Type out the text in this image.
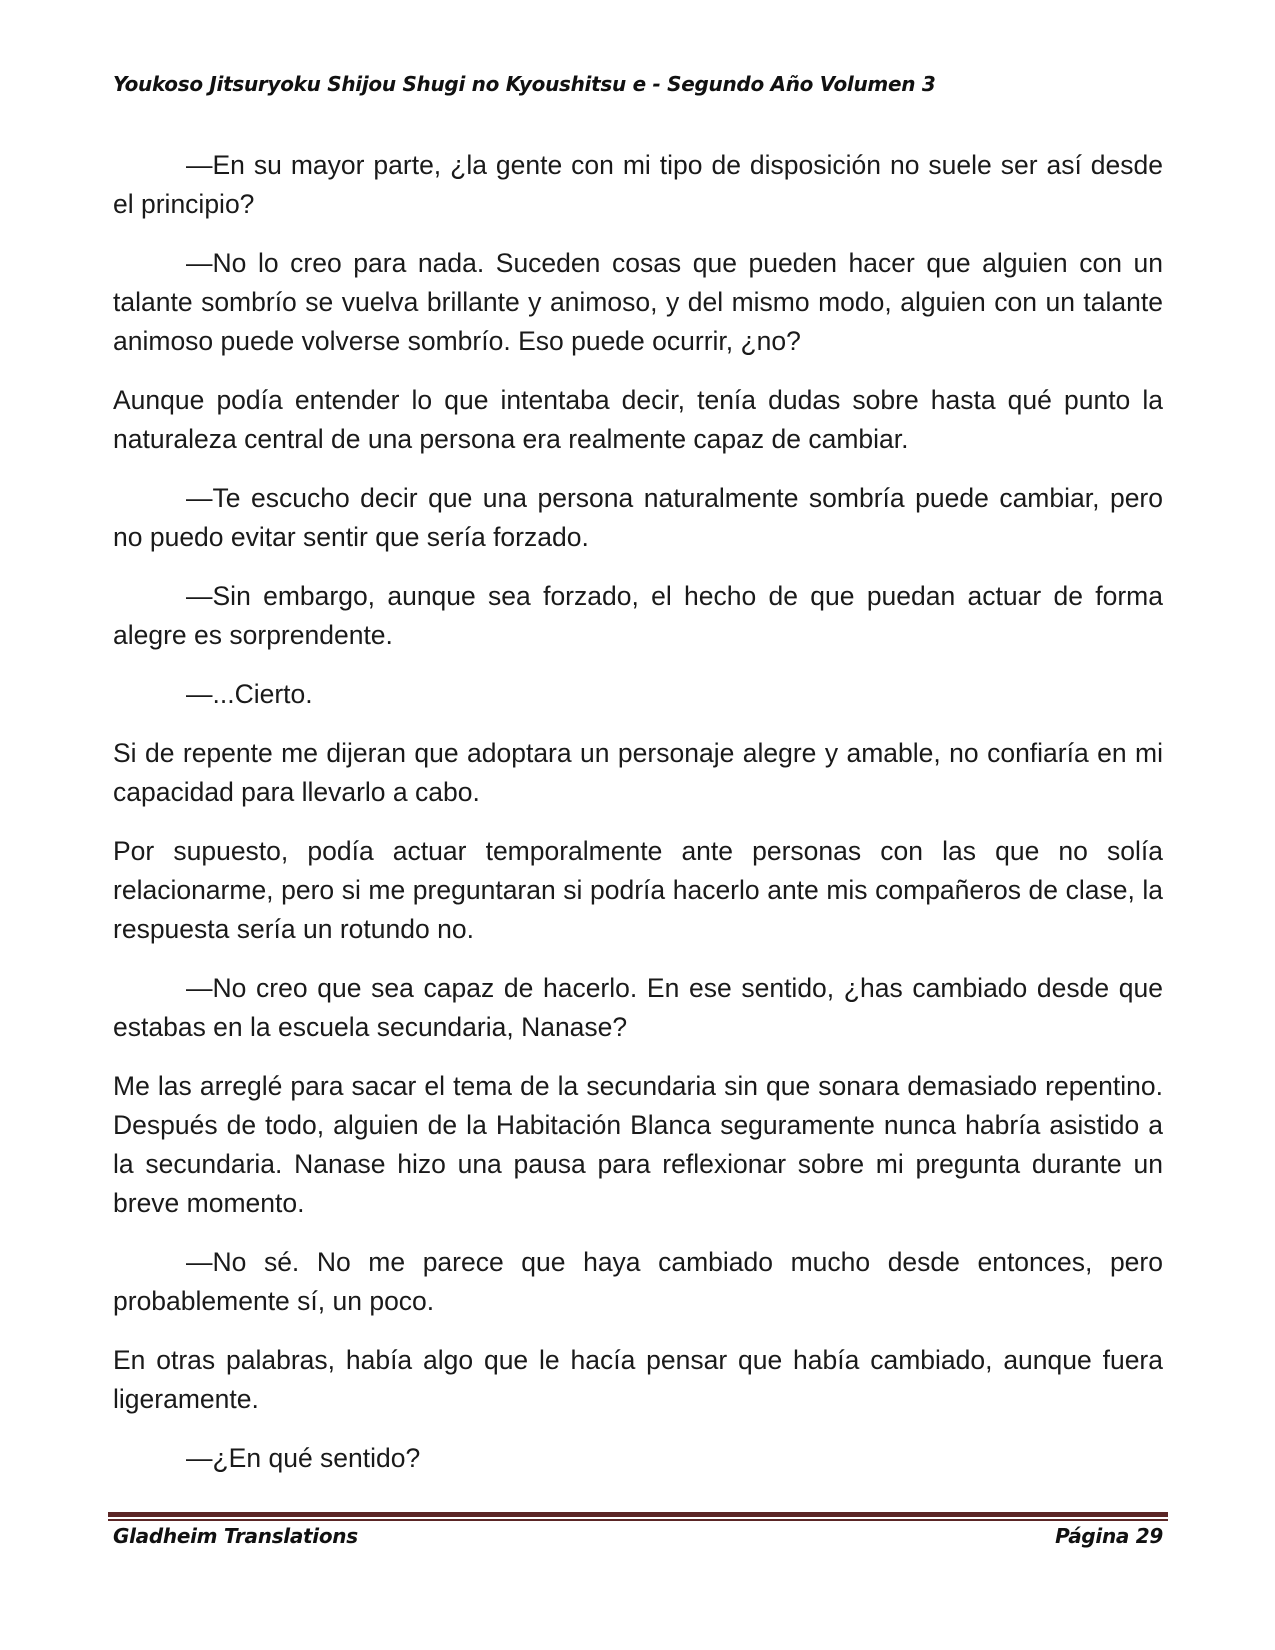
Youkoso Jitsuryoku Shijou Shugi no Kyoushitsu e - Segundo Año Volumen 3

—En su mayor parte, ¿la gente con mi tipo de disposición no suele ser así desde el principio?

—No lo creo para nada. Suceden cosas que pueden hacer que alguien con un talante sombrío se vuelva brillante y animoso, y del mismo modo, alguien con un talante animoso puede volverse sombrío. Eso puede ocurrir, ¿no?

Aunque podía entender lo que intentaba decir, tenía dudas sobre hasta qué punto la naturaleza central de una persona era realmente capaz de cambiar.

—Te escucho decir que una persona naturalmente sombría puede cambiar, pero no puedo evitar sentir que sería forzado.

—Sin embargo, aunque sea forzado, el hecho de que puedan actuar de forma alegre es sorprendente.

—...Cierto.

Si de repente me dijeran que adoptara un personaje alegre y amable, no confiaría en mi capacidad para llevarlo a cabo.

Por supuesto, podía actuar temporalmente ante personas con las que no solía relacionarme, pero si me preguntaran si podría hacerlo ante mis compañeros de clase, la respuesta sería un rotundo no.

—No creo que sea capaz de hacerlo. En ese sentido, ¿has cambiado desde que estabas en la escuela secundaria, Nanase?

Me las arreglé para sacar el tema de la secundaria sin que sonara demasiado repentino. Después de todo, alguien de la Habitación Blanca seguramente nunca habría asistido a la secundaria. Nanase hizo una pausa para reflexionar sobre mi pregunta durante un breve momento.

—No sé. No me parece que haya cambiado mucho desde entonces, pero probablemente sí, un poco.

En otras palabras, había algo que le hacía pensar que había cambiado, aunque fuera ligeramente.

—¿En qué sentido?

Gladheim Translations	Página 29
